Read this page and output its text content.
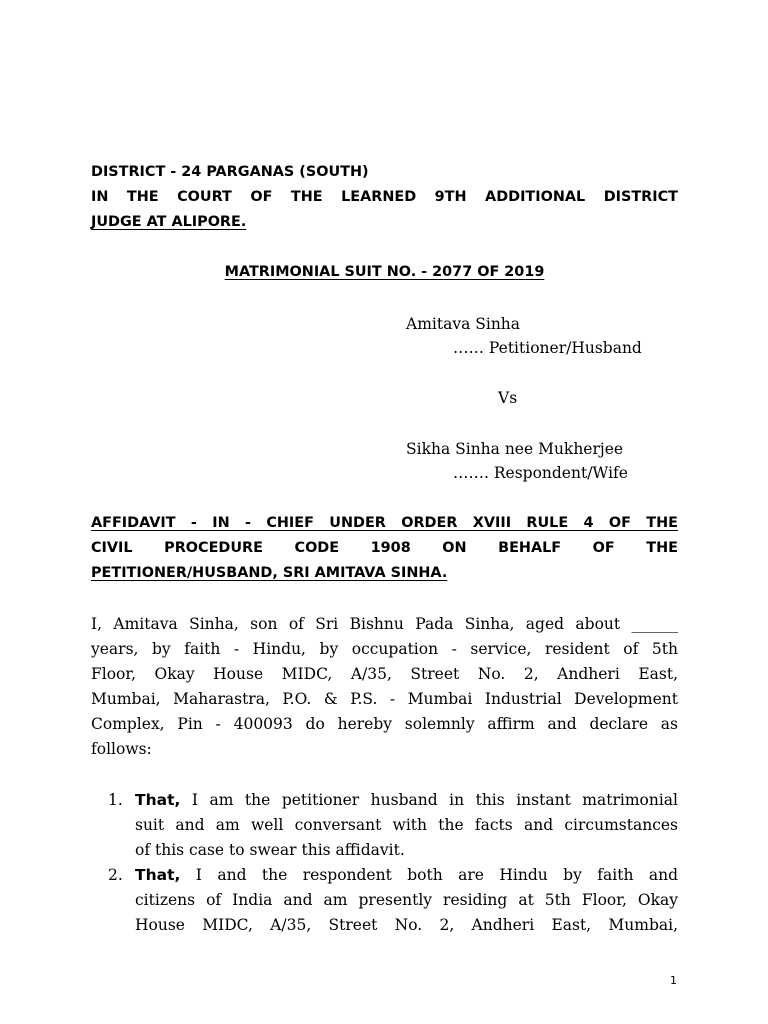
DISTRICT - 24 PARGANAS (SOUTH)

IN THE COURT OF THE LEARNED 9TH ADDITIONAL DISTRICT

JUDGE AT ALIPORE.

MATRIMONIAL SUIT NO. - 2077 OF 2019

Amitava Sinha

…… Petitioner/Husband

Vs

Sikha Sinha nee Mukherjee

……. Respondent/Wife

AFFIDAVIT - IN - CHIEF UNDER ORDER XVIII RULE 4 OF THE

CIVIL PROCEDURE CODE 1908 ON BEHALF OF THE

PETITIONER/HUSBAND, SRI AMITAVA SINHA.

I, Amitava Sinha, son of Sri Bishnu Pada Sinha, aged about ______
years, by faith - Hindu, by occupation - service, resident of 5th
Floor, Okay House MIDC, A/35, Street No. 2, Andheri East,
Mumbai, Maharastra, P.O. & P.S. - Mumbai Industrial Development
Complex, Pin - 400093 do hereby solemnly affirm and declare as
follows:
1. That, I am the petitioner husband in this instant matrimonial
suit and am well conversant with the facts and circumstances
of this case to swear this affidavit.
2. That, I and the respondent both are Hindu by faith and
citizens of India and am presently residing at 5th Floor, Okay
House MIDC, A/35, Street No. 2, Andheri East, Mumbai,
1
